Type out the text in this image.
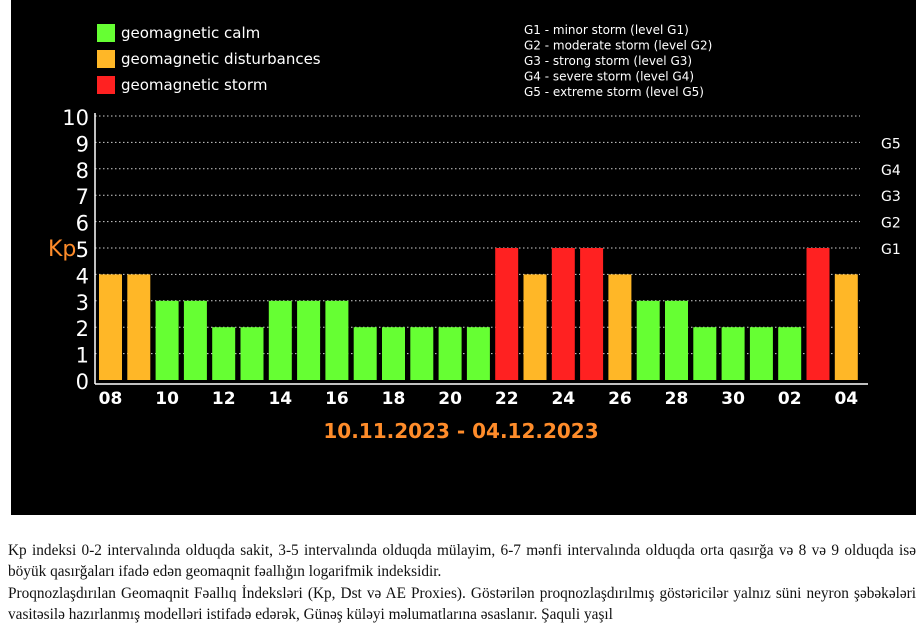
geomagnetic calm
geomagnetic disturbances
geomagnetic storm
G1 - minor storm (level G1)
G2 - moderate storm (level G2)
G3 - strong storm (level G3)
G4 - severe storm (level G4)
G5 - extreme storm (level G5)
0
1
2
3
4
5
6
7
8
9
10
G1
G2
G3
G4
G5
08 10 12 14 16 18 20 22 24 26 28 30 02 04
Kp
10.11.2023 - 04.12.2023

Kp indeksi 0-2 intervalında olduqda sakit, 3-5 intervalında olduqda mülayim, 6-7 mənfi intervalında olduqda orta qasırğa və 8 və 9 olduqda isə böyük qasırğaları ifadə edən geomaqnit fəallığın logarifmik indeksidir.

Proqnozlaşdırılan Geomaqnit Fəallıq İndeksləri (Kp, Dst və AE Proxies). Göstərilən proqnozlaşdırılmış göstəricilər yalnız süni neyron şəbəkələri vasitəsilə hazırlanmış modelləri istifadə edərək, Günəş küləyi məlumatlarına əsaslanır. Şaquli yaşıl
